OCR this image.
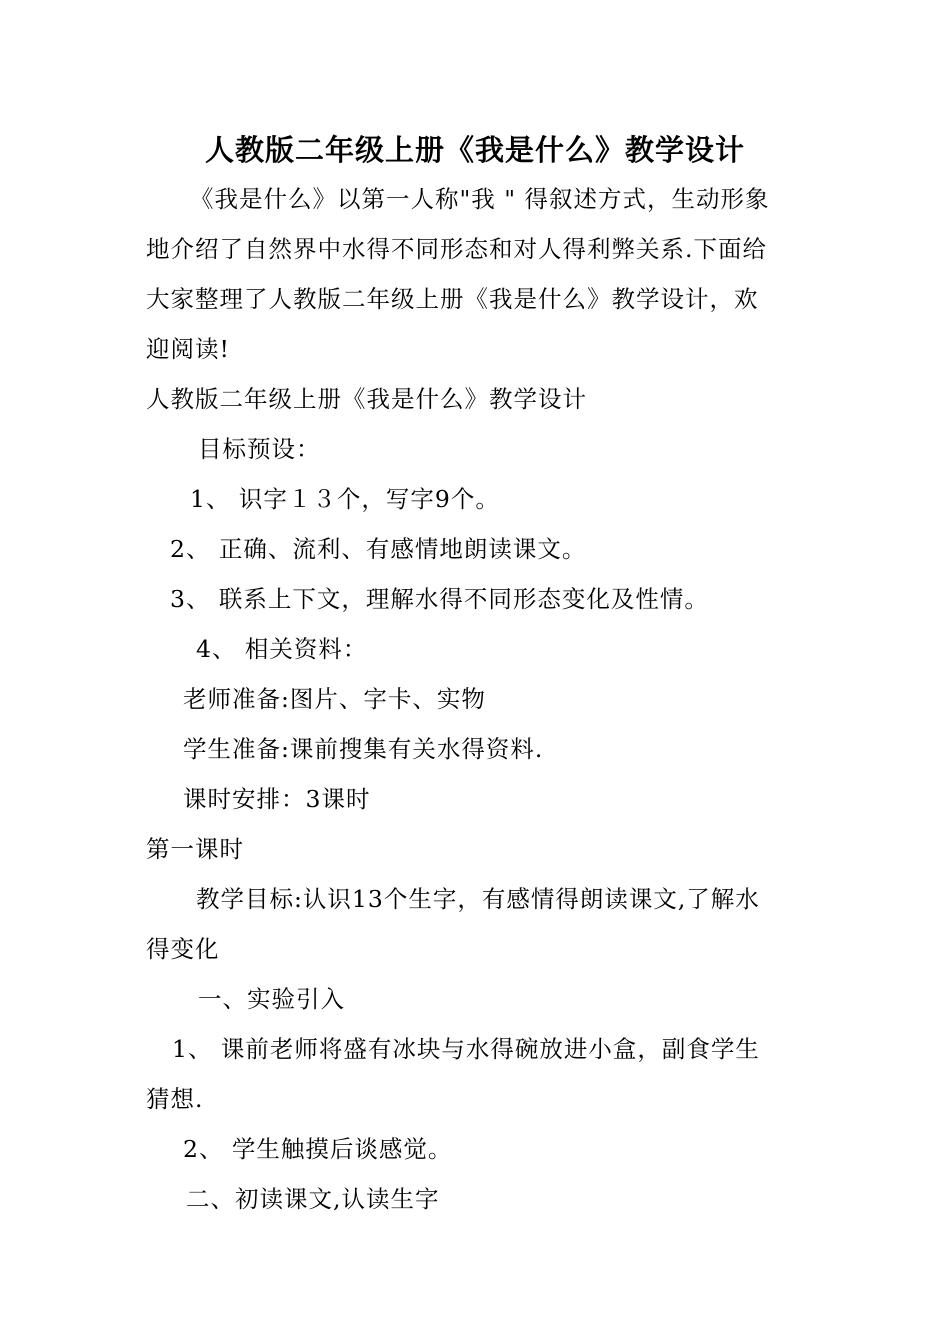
人教版二年级上册《我是什么》教学设计
《我是什么》以第一人称"我 " 得叙述方式，生动形象
地介绍了自然界中水得不同形态和对人得利弊关系.下面给
大家整理了人教版二年级上册《我是什么》教学设计，欢
迎阅读!
人教版二年级上册《我是什么》教学设计
目标预设：
1、 识字１３个，写字9个。
2、 正确、流利、有感情地朗读课文。
3、 联系上下文，理解水得不同形态变化及性情。
4、 相关资料：
老师准备:图片、字卡、实物
学生准备:课前搜集有关水得资料.
课时安排：3课时
第一课时
教学目标:认识13个生字，有感情得朗读课文,了解水
得变化
一、实验引入
1、 课前老师将盛有冰块与水得碗放进小盒，副食学生
猜想.
2、 学生触摸后谈感觉。
二、初读课文,认读生字
